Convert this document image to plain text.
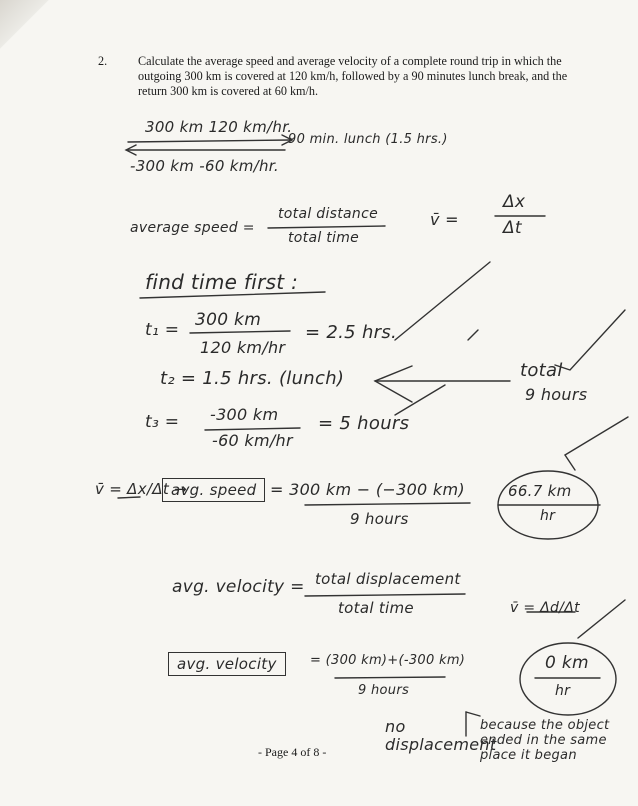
2.	Calculate the average speed and average velocity of a complete round trip in which the outgoing 300 km is covered at 120 km/h, followed by a 90 minutes lunch break, and the return 300 km is covered at 60 km/h.
300 km 120 km/hr.
90 min. lunch (1.5 hrs.)
-300 km -60 km/hr.
average speed =
total distance
total time
v̄ =
Δx
Δt
find time first :
t₁ = 300 km
120 km/hr
= 2.5 hrs.
t₂ = 1.5 hrs. (lunch)
t₃ = -300 km
-60 km/hr
= 5 hours
total
9 hours
v̄ = Δx/Δt →
avg. speed = 300 km − (−300 km)
9 hours
66.7 km
hr
avg. velocity = total displacement
total time	v̄ = Δd/Δt
avg. velocity	= (300 km)+(-300 km)
9 hours
0 km
hr
no displacement
because the object ended in the same place it began
- Page 4 of 8 -
